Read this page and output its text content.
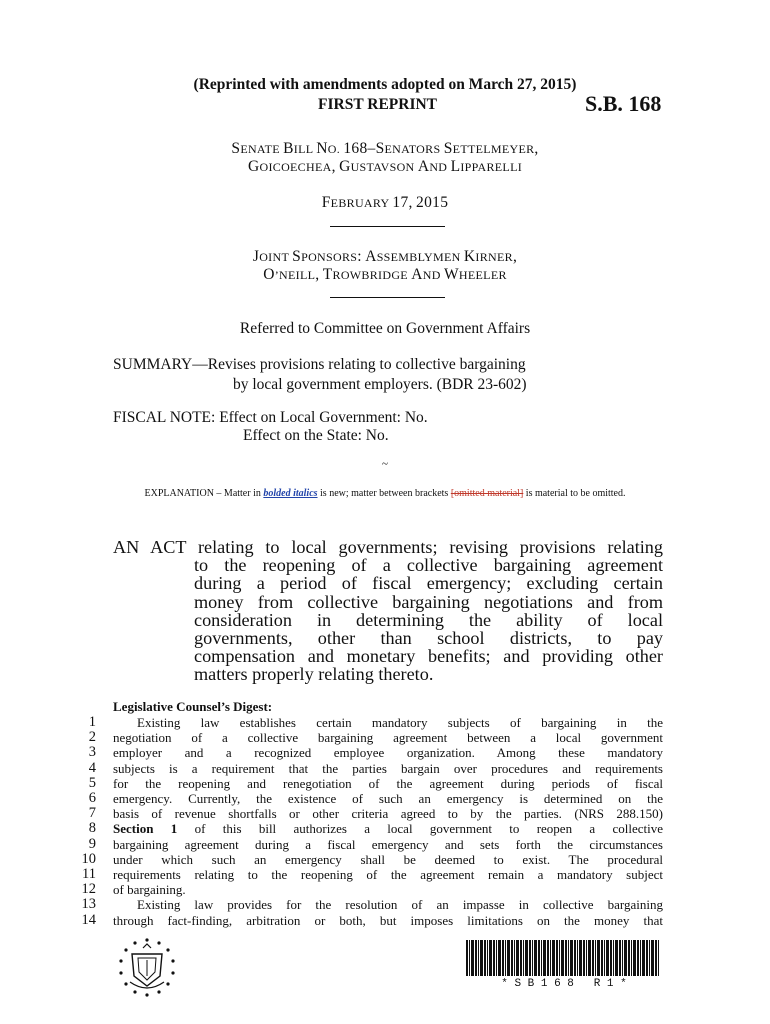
(Reprinted with amendments adopted on March 27, 2015)
FIRST REPRINT	S.B. 168
SENATE BILL NO. 168–SENATORS SETTELMEYER,
GOICOECHEA, GUSTAVSON AND LIPPARELLI
FEBRUARY 17, 2015
JOINT SPONSORS: ASSEMBLYMEN KIRNER,
O’NEILL, TROWBRIDGE AND WHEELER
Referred to Committee on Government Affairs
SUMMARY—Revises provisions relating to collective bargaining
by local government employers. (BDR 23-602)
FISCAL NOTE: Effect on Local Government: No.
Effect on the State: No.
~
EXPLANATION – Matter in bolded italics is new; matter between brackets [omitted material] is material to be omitted.
AN ACT relating to local governments; revising provisions relating
to the reopening of a collective bargaining agreement
during a period of fiscal emergency; excluding certain
money from collective bargaining negotiations and from
consideration in determining the ability of local
governments, other than school districts, to pay
compensation and monetary benefits; and providing other
matters properly relating thereto.
Legislative Counsel’s Digest:
1
2
3
4
5
6
7
8
9
10
11
12
13
14
Existing law establishes certain mandatory subjects of bargaining in the
negotiation of a collective bargaining agreement between a local government
employer and a recognized employee organization. Among these mandatory
subjects is a requirement that the parties bargain over procedures and requirements
for the reopening and renegotiation of the agreement during periods of fiscal
emergency. Currently, the existence of such an emergency is determined on the
basis of revenue shortfalls or other criteria agreed to by the parties. (NRS 288.150)
Section 1 of this bill authorizes a local government to reopen a collective
bargaining agreement during a fiscal emergency and sets forth the circumstances
under which such an emergency shall be deemed to exist. The procedural
requirements relating to the reopening of the agreement remain a mandatory subject
of bargaining.
Existing law provides for the resolution of an impasse in collective bargaining
through fact-finding, arbitration or both, but imposes limitations on the money that
* S B 1 6 8   R 1 *
